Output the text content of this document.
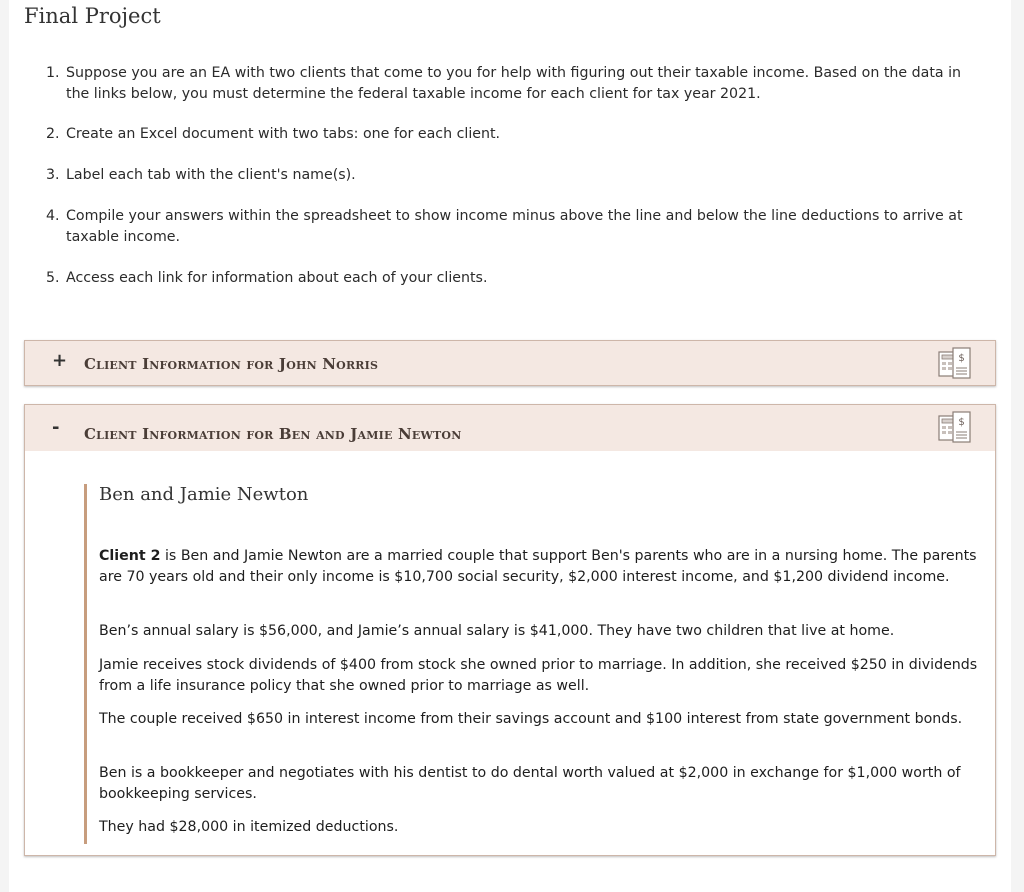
Final Project
1. Suppose you are an EA with two clients that come to you for help with figuring out their taxable income. Based on the data in the links below, you must determine the federal taxable income for each client for tax year 2021.
2. Create an Excel document with two tabs: one for each client.
3. Label each tab with the client's name(s).
4. Compile your answers within the spreadsheet to show income minus above the line and below the line deductions to arrive at taxable income.
5. Access each link for information about each of your clients.
+ Client Information for John Norris	$
- Client Information for Ben and Jamie Newton
$
Ben and Jamie Newton

Client 2 is Ben and Jamie Newton are a married couple that support Ben's parents who are in a nursing home. The parents are 70 years old and their only income is $10,700 social security, $2,000 interest income, and $1,200 dividend income.

Ben’s annual salary is $56,000, and Jamie’s annual salary is $41,000. They have two children that live at home.

Jamie receives stock dividends of $400 from stock she owned prior to marriage. In addition, she received $250 in dividends from a life insurance policy that she owned prior to marriage as well.

The couple received $650 in interest income from their savings account and $100 interest from state government bonds.

Ben is a bookkeeper and negotiates with his dentist to do dental worth valued at $2,000 in exchange for $1,000 worth of bookkeeping services.

They had $28,000 in itemized deductions.
